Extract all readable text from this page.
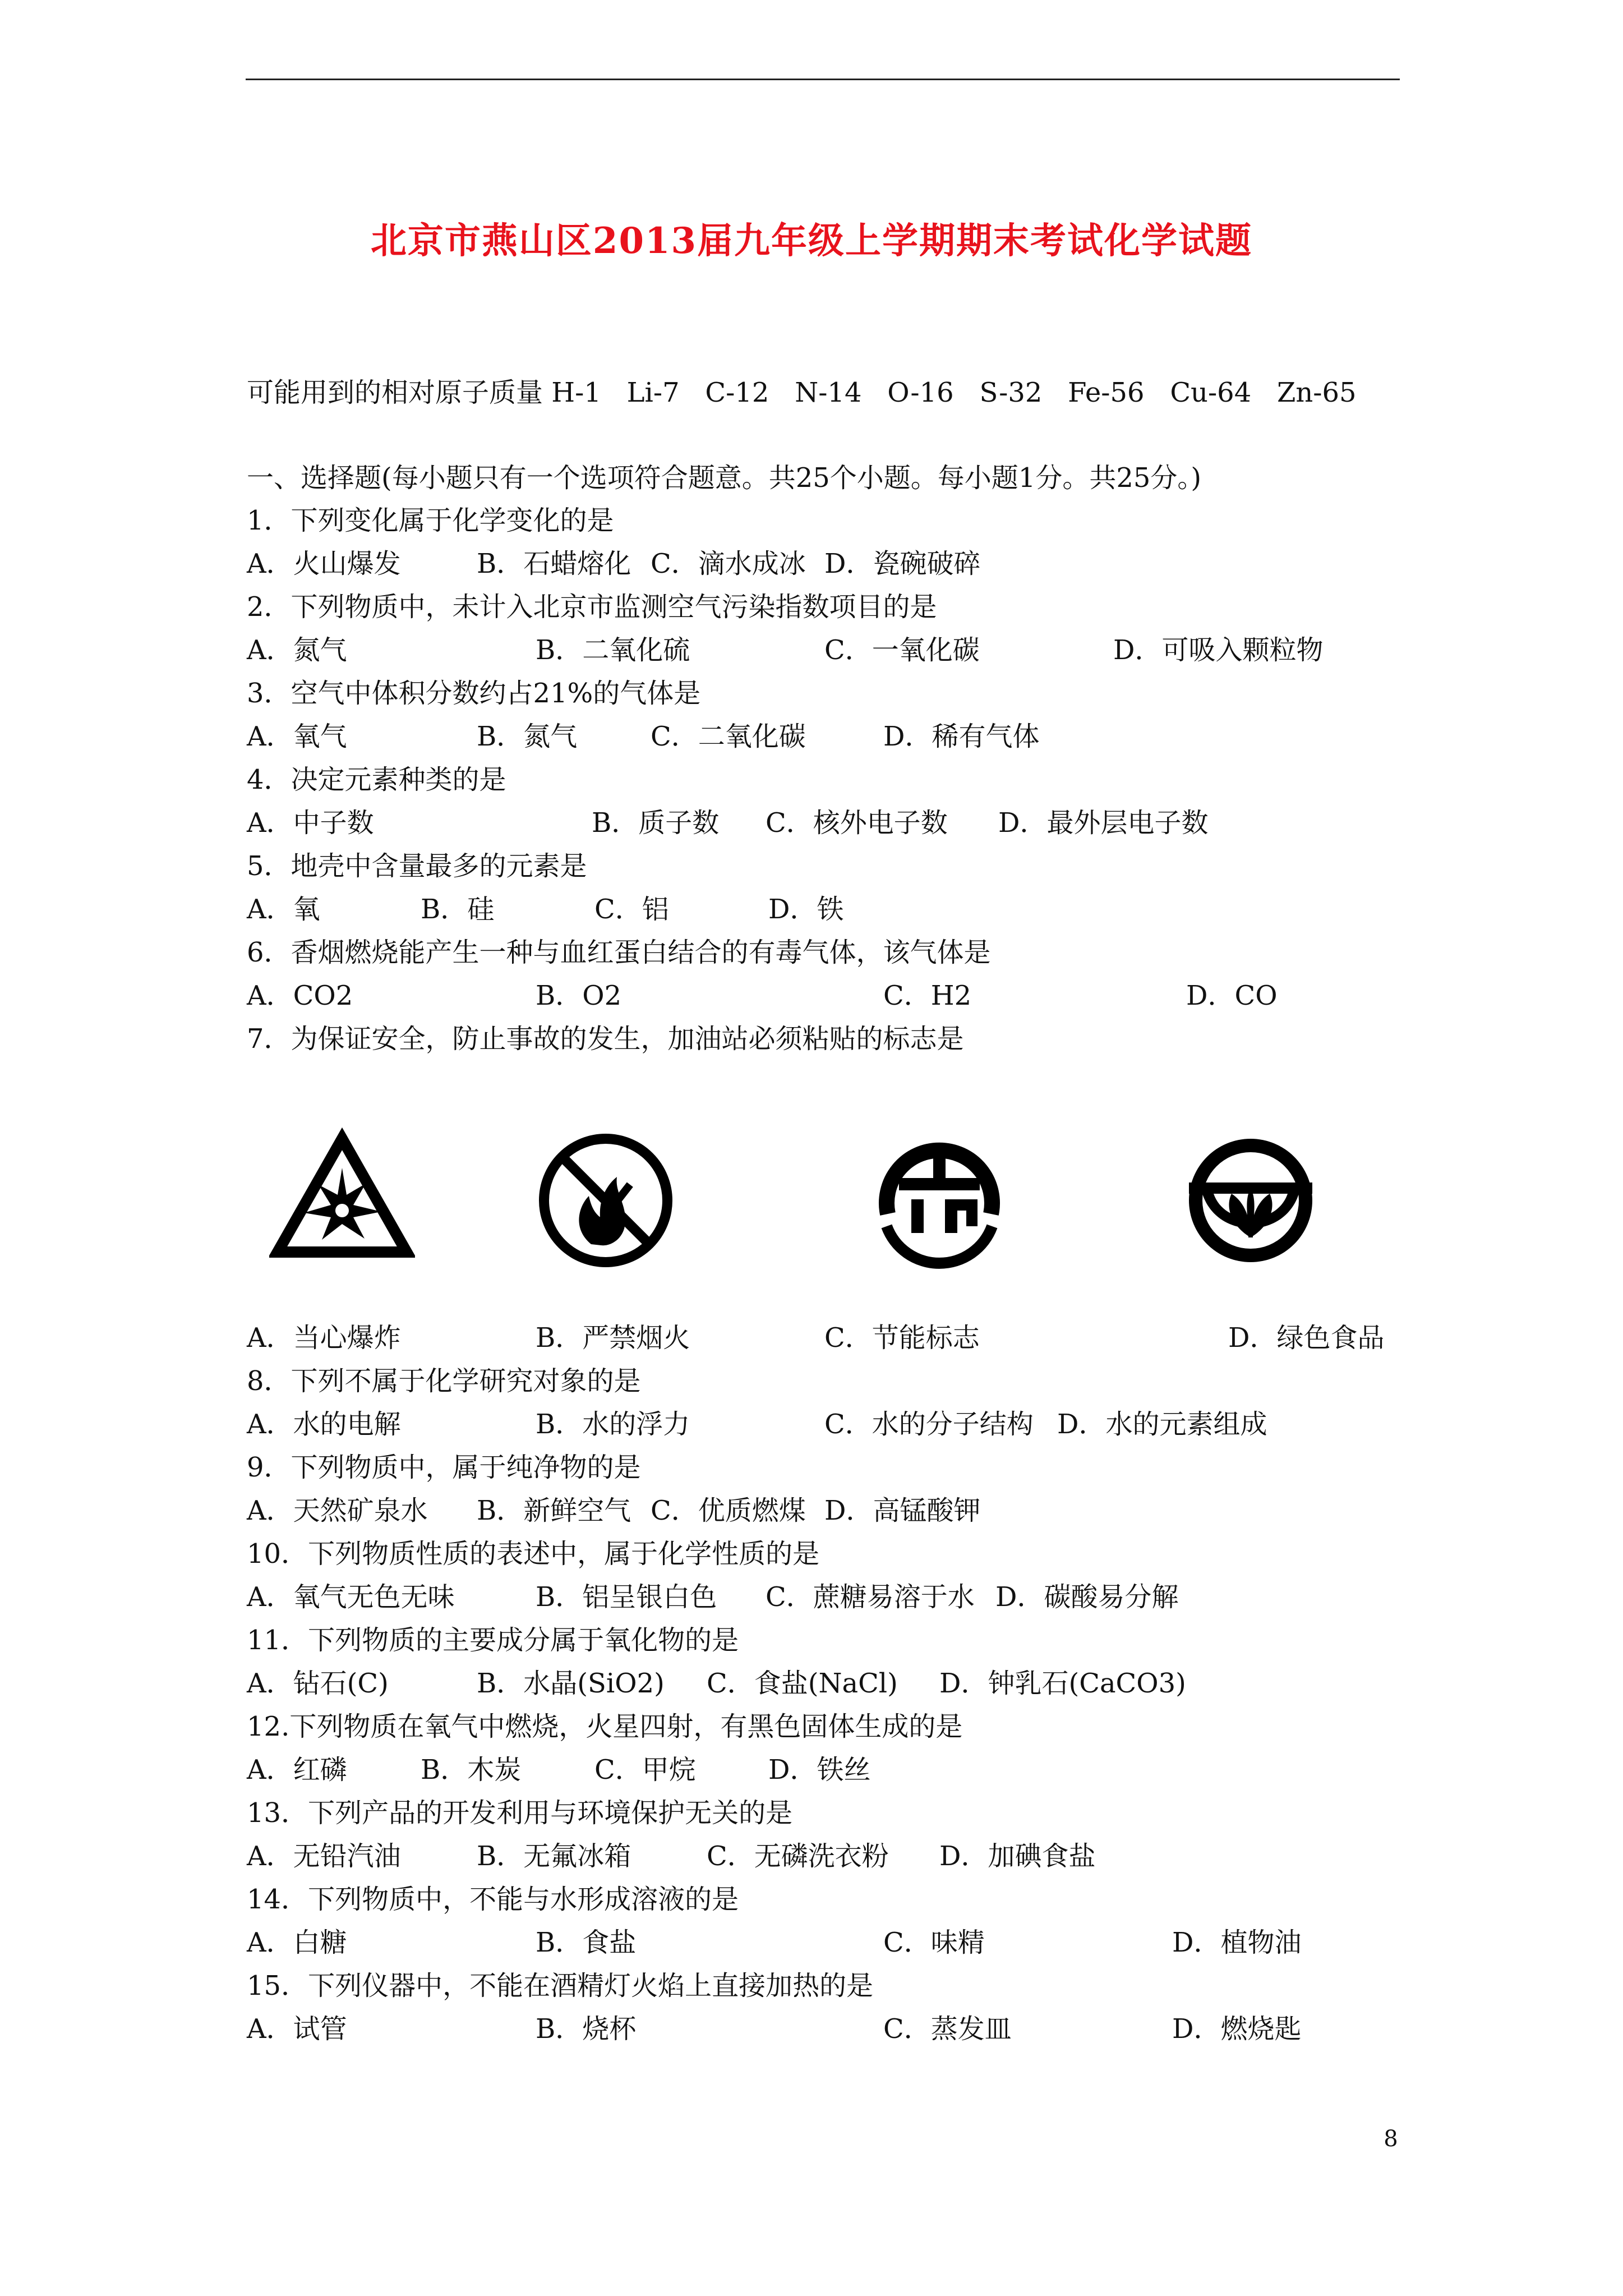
北京市燕山区2013届九年级上学期期末考试化学试题
可能用到的相对原子质量 H-1   Li-7   C-12   N-14   O-16   S-32   Fe-56   Cu-64   Zn-65
一、选择题(每小题只有一个选项符合题意。共25个小题。每小题1分。共25分。)
1．下列变化属于化学变化的是
A．火山爆发	B．石蜡熔化 C．滴水成冰 D．瓷碗破碎
2．下列物质中，未计入北京市监测空气污染指数项目的是
A．氮气	B．二氧化硫	C．一氧化碳	D．可吸入颗粒物
3．空气中体积分数约占21%的气体是
A．氧气	B．氮气	C．二氧化碳	D．稀有气体
4．决定元素种类的是
A．中子数	B．质子数 C．核外电子数 D．最外层电子数
5．地壳中含量最多的元素是
A．氧	B．硅	C．铝	D．铁
6．香烟燃烧能产生一种与血红蛋白结合的有毒气体，该气体是
A．CO2	B．O2	C．H2	D．CO
7．为保证安全，防止事故的发生，加油站必须粘贴的标志是
A．当心爆炸	B．严禁烟火	C．节能标志	D．绿色食品
8．下列不属于化学研究对象的是
A．水的电解	B．水的浮力	C．水的分子结构 D．水的元素组成
9．下列物质中，属于纯净物的是
A．天然矿泉水 B．新鲜空气 C．优质燃煤 D．高锰酸钾
10．下列物质性质的表述中，属于化学性质的是
A．氧气无色无味	B．铝呈银白色 C．蔗糖易溶于水 D．碳酸易分解
11．下列物质的主要成分属于氧化物的是
A．钻石(C)	B．水晶(SiO2) C．食盐(NaCl) D．钟乳石(CaCO3)
12.下列物质在氧气中燃烧，火星四射，有黑色固体生成的是
A．红磷	B．木炭	C．甲烷	D．铁丝
13．下列产品的开发利用与环境保护无关的是
A．无铅汽油	B．无氟冰箱	C．无磷洗衣粉 D．加碘食盐
14．下列物质中，不能与水形成溶液的是
A．白糖	B．食盐	C．味精	D．植物油
15．下列仪器中，不能在酒精灯火焰上直接加热的是
A．试管	B．烧杯	C．蒸发皿	D．燃烧匙
8
